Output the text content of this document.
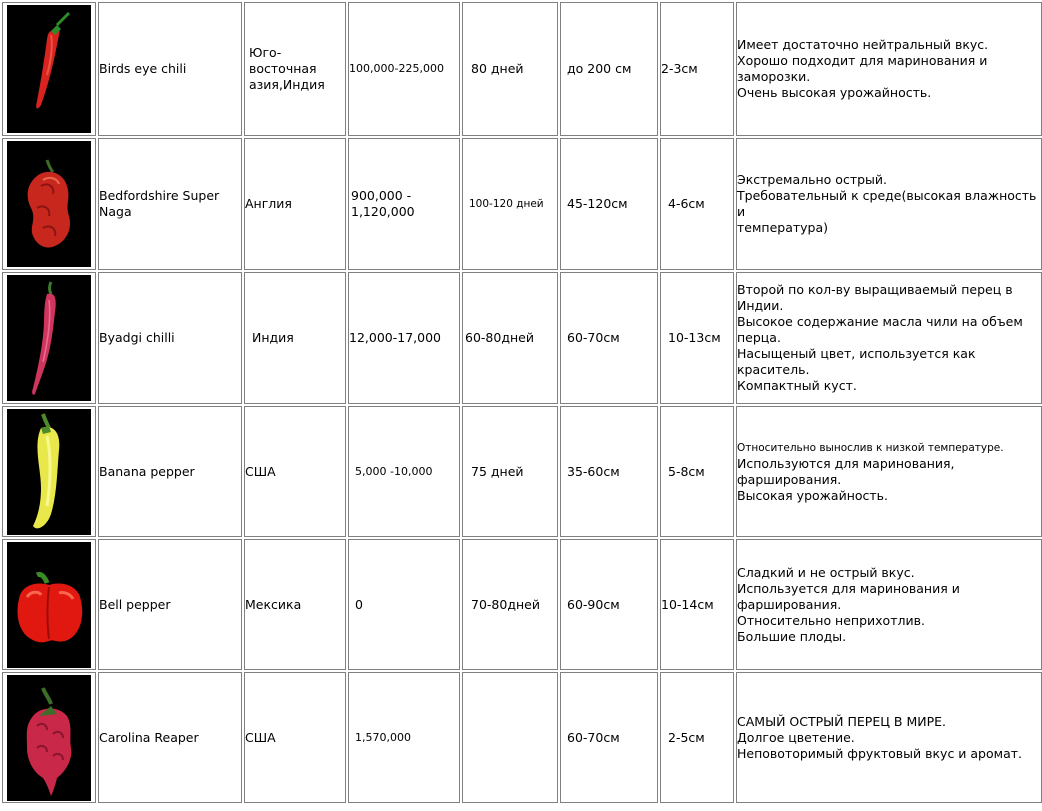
	Birds eye chili	Юго-восточная азия,Индия	100,000-225,000	80 дней	до 200 см	2-3см	Имеет достаточно нейтральный вкус.
Хорошо подходит для маринования и заморозки.
Очень высокая урожайность.

	Bedfordshire Super Naga	Англия	900,000 - 1,120,000	100-120 дней	45-120см	4-6см	Экстремально острый.
Требовательный к среде(высокая влажность и
температура)

	Byadgi chilli	Индия	12,000-17,000	60-80дней	60-70см	10-13см	Второй по кол-ву выращиваемый перец в Индии.
Высокое содержание масла чили на объем перца.
Насыщеный цвет, используется как краситель.
Компактный куст.

	Banana pepper	США	5,000 -10,000	75 дней	35-60см	5-8см	Относительно вынослив к низкой температуре.
Используются для маринования, фарширования.
Высокая урожайность.

	Bell pepper	Мексика	0	70-80дней	60-90см	10-14см	Сладкий и не острый вкус.
Используется для маринования и фарширования.
Относительно неприхотлив.
Большие плоды.

	Carolina Reaper	США	1,570,000		60-70см	2-5см	САМЫЙ ОСТРЫЙ ПЕРЕЦ В МИРЕ.
Долгое цветение.
Неповоторимый фруктовый вкус и аромат.
